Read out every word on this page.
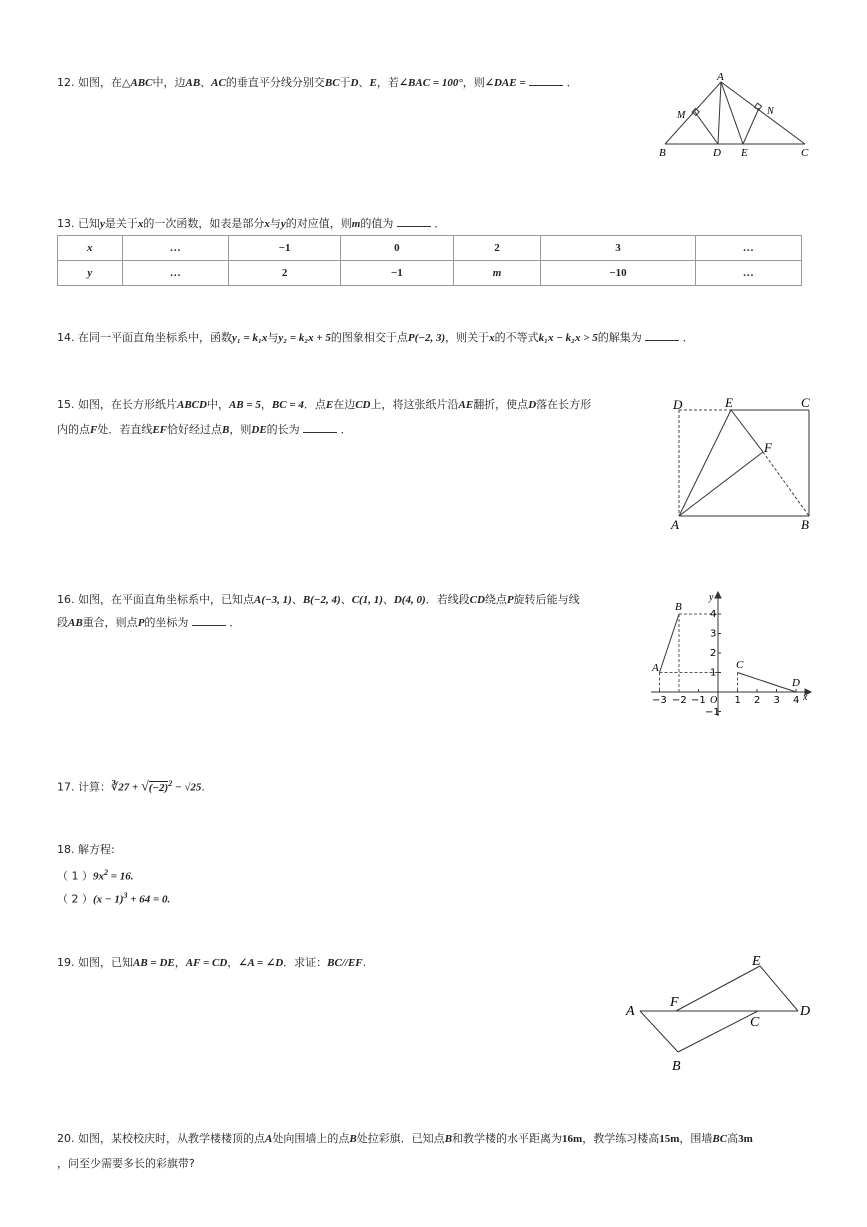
12. 如图，在△ABC中，边AB、AC的垂直平分线分别交BC于D、E，若∠BAC = 100°，则∠DAE =	．	A
B	C
D E
M	N
13. 已知y是关于x的一次函数，如表是部分x与y的对应值，则m的值为	．
x	…	−1	0	2	3	…
y	…	2	−1	m	−10	…
14. 在同一平面直角坐标系中，函数y₁ = k₁x与y₂ = k₂x + 5的图象相交于点P(−2, 3)，则关于x的不等式k₁x − k₂x > 5的解集为	．
15. 如图，在长方形纸片ABCD中，AB = 5，BC = 4．点E在边CD上，将这张纸片沿AE翻折，使点D落在长方形
内的点F处．若直线EF恰好经过点B，则DE的长为	．
D	E	C
F
A	B
16. 如图，在平面直角坐标系中，已知点A(−3, 1)、B(−2, 4)、C(1, 1)、D(4, 0)．若线段CD绕点P旋转后能与线
段AB重合，则点P的坐标为	．
x
y
O
−3 −2 −1	1 2 3 4
4
3
2
1
−1
A
B
C
D
17. 计算：∛27 + $√(-2)^2 - √25$.
18. 解方程:
（ 1 ）$9x^2 = 16$.
（ 2 ）$(x - 1)^3 + 64 = 0$.
19. 如图，已知AB = DE，AF = CD，∠A = ∠D．求证：BC//EF.
A	D
E
F
C
B
20. 如图，某校校庆时，从教学楼楼顶的点A处向围墙上的点B处拉彩旗．已知点B和教学楼的水平距离为16m，教学练习楼高15m，围墙BC高3m
，问至少需要多长的彩旗带?
